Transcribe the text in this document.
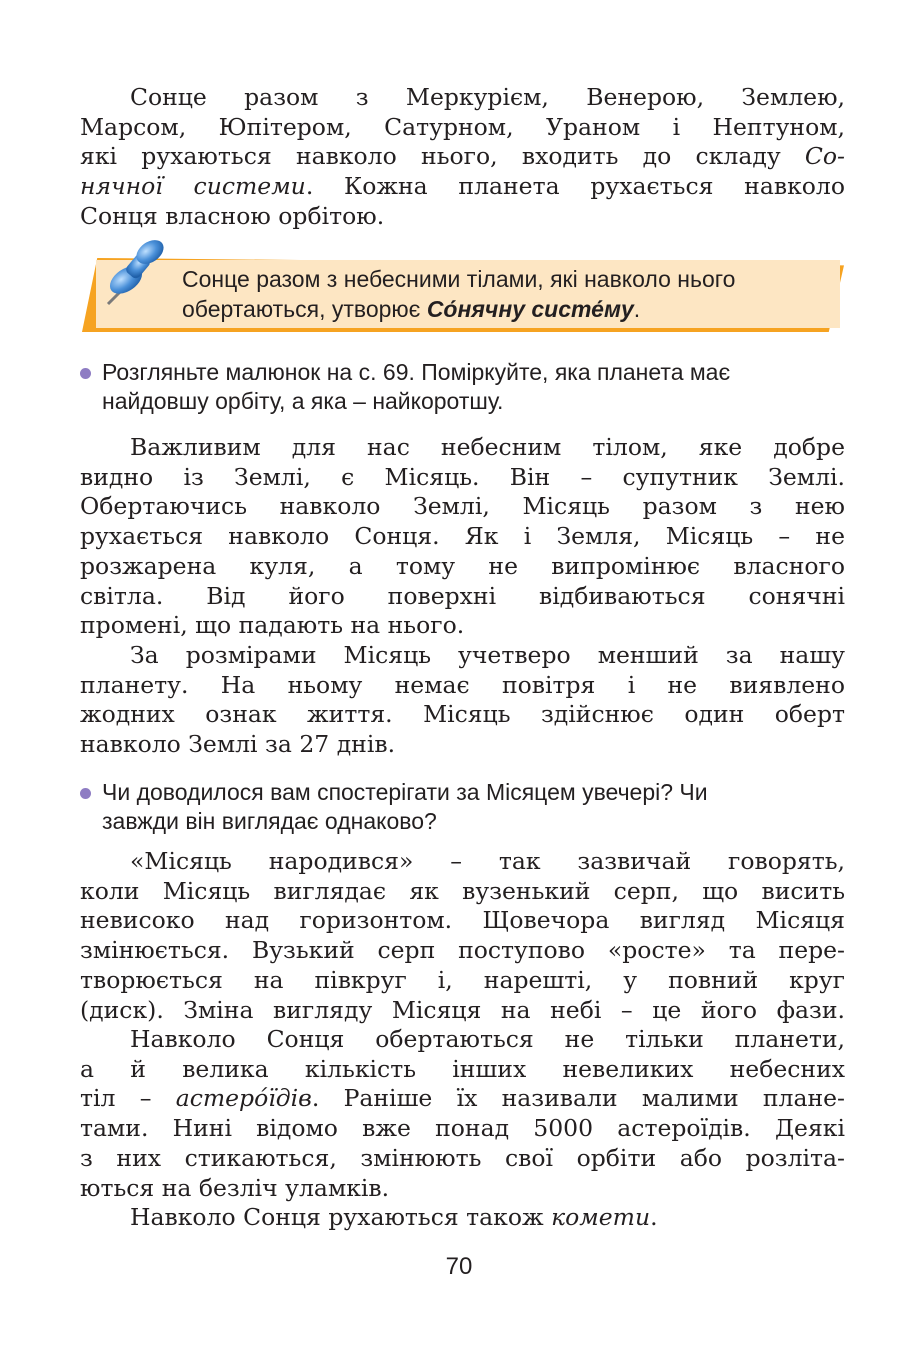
Сонце разом з Меркурієм, Венерою, Землею,
Марсом, Юпітером, Сатурном, Ураном і Нептуном,
які рухаються навколо нього, входить до складу Со-
нячної системи. Кожна планета рухається навколо
Сонця власною орбітою.
Сонце разом з небесними тілами, які навколо нього
обертаються, утворює Со́нячну систе́му.
Розгляньте малюнок на с. 69. Поміркуйте, яка планета має
найдовшу орбіту, а яка – найкоротшу.
Важливим для нас небесним тілом, яке добре
видно із Землі, є Місяць. Він – супутник Землі.
Обертаючись навколо Землі, Місяць разом з нею
рухається навколо Сонця. Як і Земля, Місяць – не
розжарена куля, а тому не випромінює власного
світла. Від його поверхні відбиваються сонячні
промені, що падають на нього.
За розмірами Місяць учетверо менший за нашу
планету. На ньому немає повітря і не виявлено
жодних ознак життя. Місяць здійснює один оберт
навколо Землі за 27 днів.
Чи доводилося вам спостерігати за Місяцем увечері? Чи
завжди він виглядає однаково?
«Місяць народився» – так зазвичай говорять,
коли Місяць виглядає як вузенький серп, що висить
невисоко над горизонтом. Щовечора вигляд Місяця
змінюється. Вузький серп поступово «росте» та пере-
творюється на півкруг і, нарешті, у повний круг
(диск). Зміна вигляду Місяця на небі – це його фази.
Навколо Сонця обертаються не тільки планети,
а й велика кількість інших невеликих небесних
тіл – астеро́їдів. Раніше їх називали малими плане-
тами. Нині відомо вже понад 5000 астероїдів. Деякі
з них стикаються, змінюють свої орбіти або розліта-
ються на безліч уламків.
Навколо Сонця рухаються також комети.
70
